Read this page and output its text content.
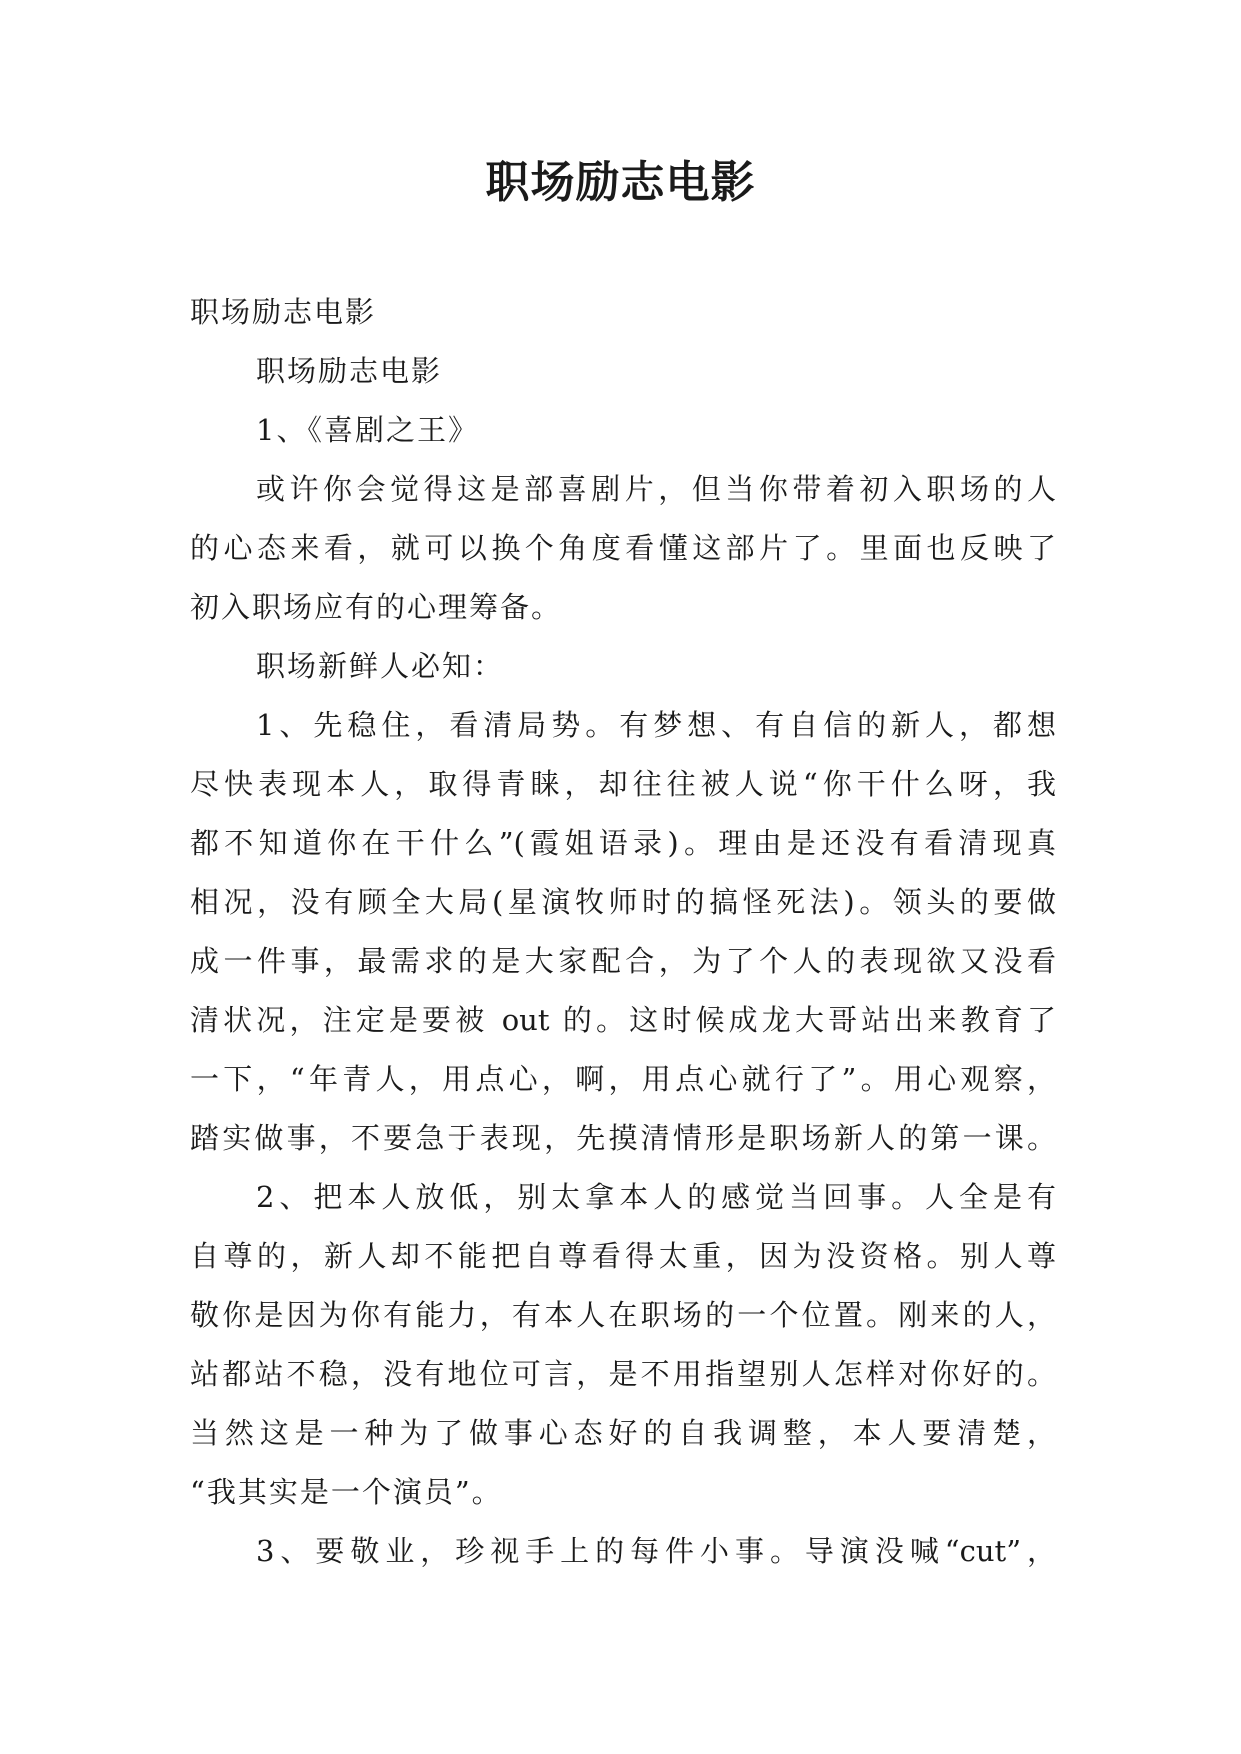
职场励志电影
职场励志电影
职场励志电影
1、《喜剧之王》
或许你会觉得这是部喜剧片，但当你带着初入职场的人
的心态来看，就可以换个角度看懂这部片了。里面也反映了
初入职场应有的心理筹备。
职场新鲜人必知：
1、先稳住，看清局势。有梦想、有自信的新人，都想
尽快表现本人，取得青睐，却往往被人说“你干什么呀，我
都不知道你在干什么”(霞姐语录)。理由是还没有看清现真
相况，没有顾全大局(星演牧师时的搞怪死法)。领头的要做
成一件事，最需求的是大家配合，为了个人的表现欲又没看
清状况，注定是要被 out 的。这时候成龙大哥站出来教育了
一下，“年青人，用点心，啊，用点心就行了”。用心观察，
踏实做事，不要急于表现，先摸清情形是职场新人的第一课。
2、把本人放低，别太拿本人的感觉当回事。人全是有
自尊的，新人却不能把自尊看得太重，因为没资格。别人尊
敬你是因为你有能力，有本人在职场的一个位置。刚来的人，
站都站不稳，没有地位可言，是不用指望别人怎样对你好的。
当然这是一种为了做事心态好的自我调整，本人要清楚，
“我其实是一个演员”。
3、要敬业，珍视手上的每件小事。导演没喊“cut”，
